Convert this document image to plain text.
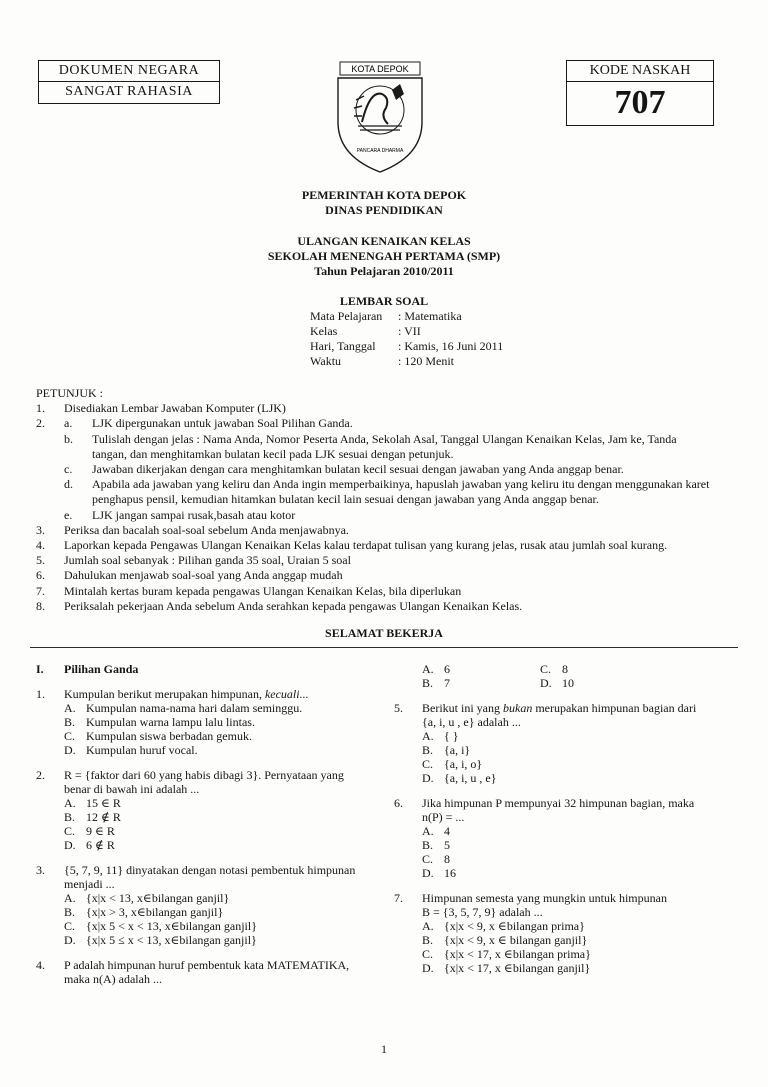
DOKUMEN NEGARA
SANGAT RAHASIA
KOTA DEPOK
PANCARA DHARMA
KODE NASKAH
707
PEMERINTAH KOTA DEPOK
DINAS PENDIDIKAN
ULANGAN KENAIKAN KELAS
SEKOLAH MENENGAH PERTAMA (SMP)
Tahun Pelajaran 2010/2011
LEMBAR SOAL
Mata Pelajaran : Matematika
Kelas	: VII
Hari, Tanggal : Kamis, 16 Juni 2011
Waktu	: 120 Menit
PETUNJUK :
1. Disediakan Lembar Jawaban Komputer (LJK)
2. a. LJK dipergunakan untuk jawaban Soal Pilihan Ganda.
b. Tulislah dengan jelas : Nama Anda, Nomor Peserta Anda, Sekolah Asal, Tanggal Ulangan Kenaikan Kelas, Jam ke, Tanda
tangan, dan menghitamkan bulatan kecil pada LJK sesuai dengan petunjuk.
c. Jawaban dikerjakan dengan cara menghitamkan bulatan kecil sesuai dengan jawaban yang Anda anggap benar.
d. Apabila ada jawaban yang keliru dan Anda ingin memperbaikinya, hapuslah jawaban yang keliru itu dengan menggunakan karet
penghapus pensil, kemudian hitamkan bulatan kecil lain sesuai dengan jawaban yang Anda anggap benar.
e. LJK jangan sampai rusak,basah atau kotor
3. Periksa dan bacalah soal-soal sebelum Anda menjawabnya.
4. Laporkan kepada Pengawas Ulangan Kenaikan Kelas kalau terdapat tulisan yang kurang jelas, rusak atau jumlah soal kurang.
5. Jumlah soal sebanyak : Pilihan ganda 35 soal, Uraian 5 soal
6. Dahulukan menjawab soal-soal yang Anda anggap mudah
7. Mintalah kertas buram kepada pengawas Ulangan Kenaikan Kelas, bila diperlukan
8. Periksalah pekerjaan Anda sebelum Anda serahkan kepada pengawas Ulangan Kenaikan Kelas.
SELAMAT BEKERJA
I. Pilihan Ganda
1. Kumpulan berikut merupakan himpunan, kecuali...
A. Kumpulan nama-nama hari dalam seminggu.
B. Kumpulan warna lampu lalu lintas.
C. Kumpulan siswa berbadan gemuk.
D. Kumpulan huruf vocal.
2. R = {faktor dari 60 yang habis dibagi 3}. Pernyataan yang
benar di bawah ini adalah ...
A. 15 ∈ R
B. 12 ∉ R
C. 9 ∈ R
D. 6 ∉ R
3. {5, 7, 9, 11} dinyatakan dengan notasi pembentuk himpunan
menjadi ...
A. {x|x < 13, x∈bilangan ganjil}
B. {x|x > 3, x∈bilangan ganjil}
C. {x|x 5 < x < 13, x∈bilangan ganjil}
D. {x|x 5 ≤ x < 13, x∈bilangan ganjil}
4. P adalah himpunan huruf pembentuk kata MATEMATIKA,
maka n(A) adalah ...
A. 6	C. 8
B. 7	D. 10
5. Berikut ini yang bukan merupakan himpunan bagian dari
{a, i, u , e} adalah ...
A. { }
B. {a, i}
C. {a, i, o}
D. {a, i, u , e}
6. Jika himpunan P mempunyai 32 himpunan bagian, maka
n(P) = ...
A. 4
B. 5
C. 8
D. 16
7. Himpunan semesta yang mungkin untuk himpunan
B = {3, 5, 7, 9} adalah ...
A. {x|x < 9, x ∈bilangan prima}
B. {x|x < 9, x ∈ bilangan ganjil}
C. {x|x < 17, x ∈bilangan prima}
D. {x|x < 17, x ∈bilangan ganjil}
1
